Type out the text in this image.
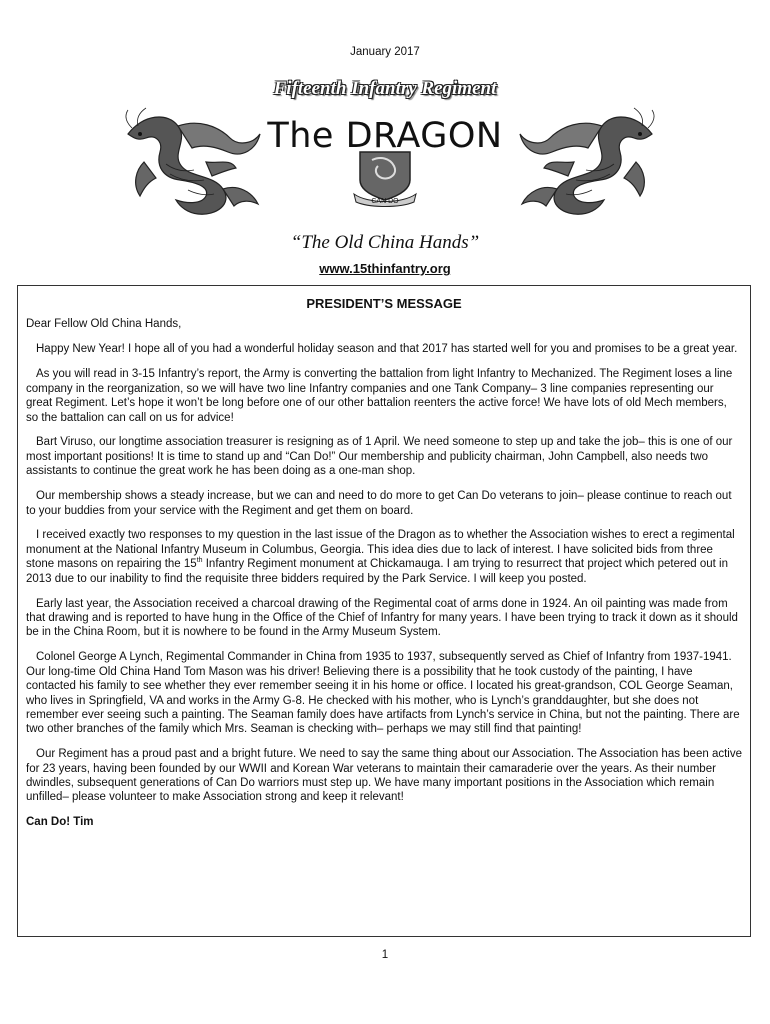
January 2017
Fifteenth Infantry Regiment
CAN DO
The DRAGON
“The Old China Hands”
www.15thinfantry.org
PRESIDENT’S MESSAGE

Dear Fellow Old China Hands,

Happy New Year! I hope all of you had a wonderful holiday season and that 2017 has started well for you and promises to be a great year.

As you will read in 3-15 Infantry’s report, the Army is converting the battalion from light Infantry to Mechanized. The Regiment loses a line company in the reorganization, so we will have two line Infantry companies and one Tank Company– 3 line companies representing our great Regiment. Let’s hope it won’t be long before one of our other battalion reenters the active force! We have lots of old Mech members, so the battalion can call on us for advice!

Bart Viruso, our longtime association treasurer is resigning as of 1 April. We need someone to step up and take the job– this is one of our most important positions! It is time to stand up and “Can Do!” Our membership and publicity chairman, John Campbell, also needs two assistants to continue the great work he has been doing as a one-man shop.

Our membership shows a steady increase, but we can and need to do more to get Can Do veterans to join– please continue to reach out to your buddies from your service with the Regiment and get them on board.

I received exactly two responses to my question in the last issue of the Dragon as to whether the Association wishes to erect a regimental monument at the National Infantry Museum in Columbus, Georgia. This idea dies due to lack of interest. I have solicited bids from three stone masons on repairing the 15th Infantry Regiment monument at Chickamauga. I am trying to resurrect that project which petered out in 2013 due to our inability to find the requisite three bidders required by the Park Service. I will keep you posted.

Early last year, the Association received a charcoal drawing of the Regimental coat of arms done in 1924. An oil painting was made from that drawing and is reported to have hung in the Office of the Chief of Infantry for many years. I have been trying to track it down as it should be in the China Room, but it is nowhere to be found in the Army Museum System.

Colonel George A Lynch, Regimental Commander in China from 1935 to 1937, subsequently served as Chief of Infantry from 1937-1941. Our long-time Old China Hand Tom Mason was his driver! Believing there is a possibility that he took custody of the painting, I have contacted his family to see whether they ever remember seeing it in his home or office. I located his great-grandson, COL George Seaman, who lives in Springfield, VA and works in the Army G-8. He checked with his mother, who is Lynch’s granddaughter, but she does not remember ever seeing such a painting. The Seaman family does have artifacts from Lynch’s service in China, but not the painting. There are two other branches of the family which Mrs. Seaman is checking with– perhaps we may still find that painting!

Our Regiment has a proud past and a bright future. We need to say the same thing about our Association. The Association has been active for 23 years, having been founded by our WWII and Korean War veterans to maintain their camaraderie over the years. As their number dwindles, subsequent generations of Can Do warriors must step up. We have many important positions in the Association which remain unfilled– please volunteer to make Association strong and keep it relevant!

Can Do! Tim

1
